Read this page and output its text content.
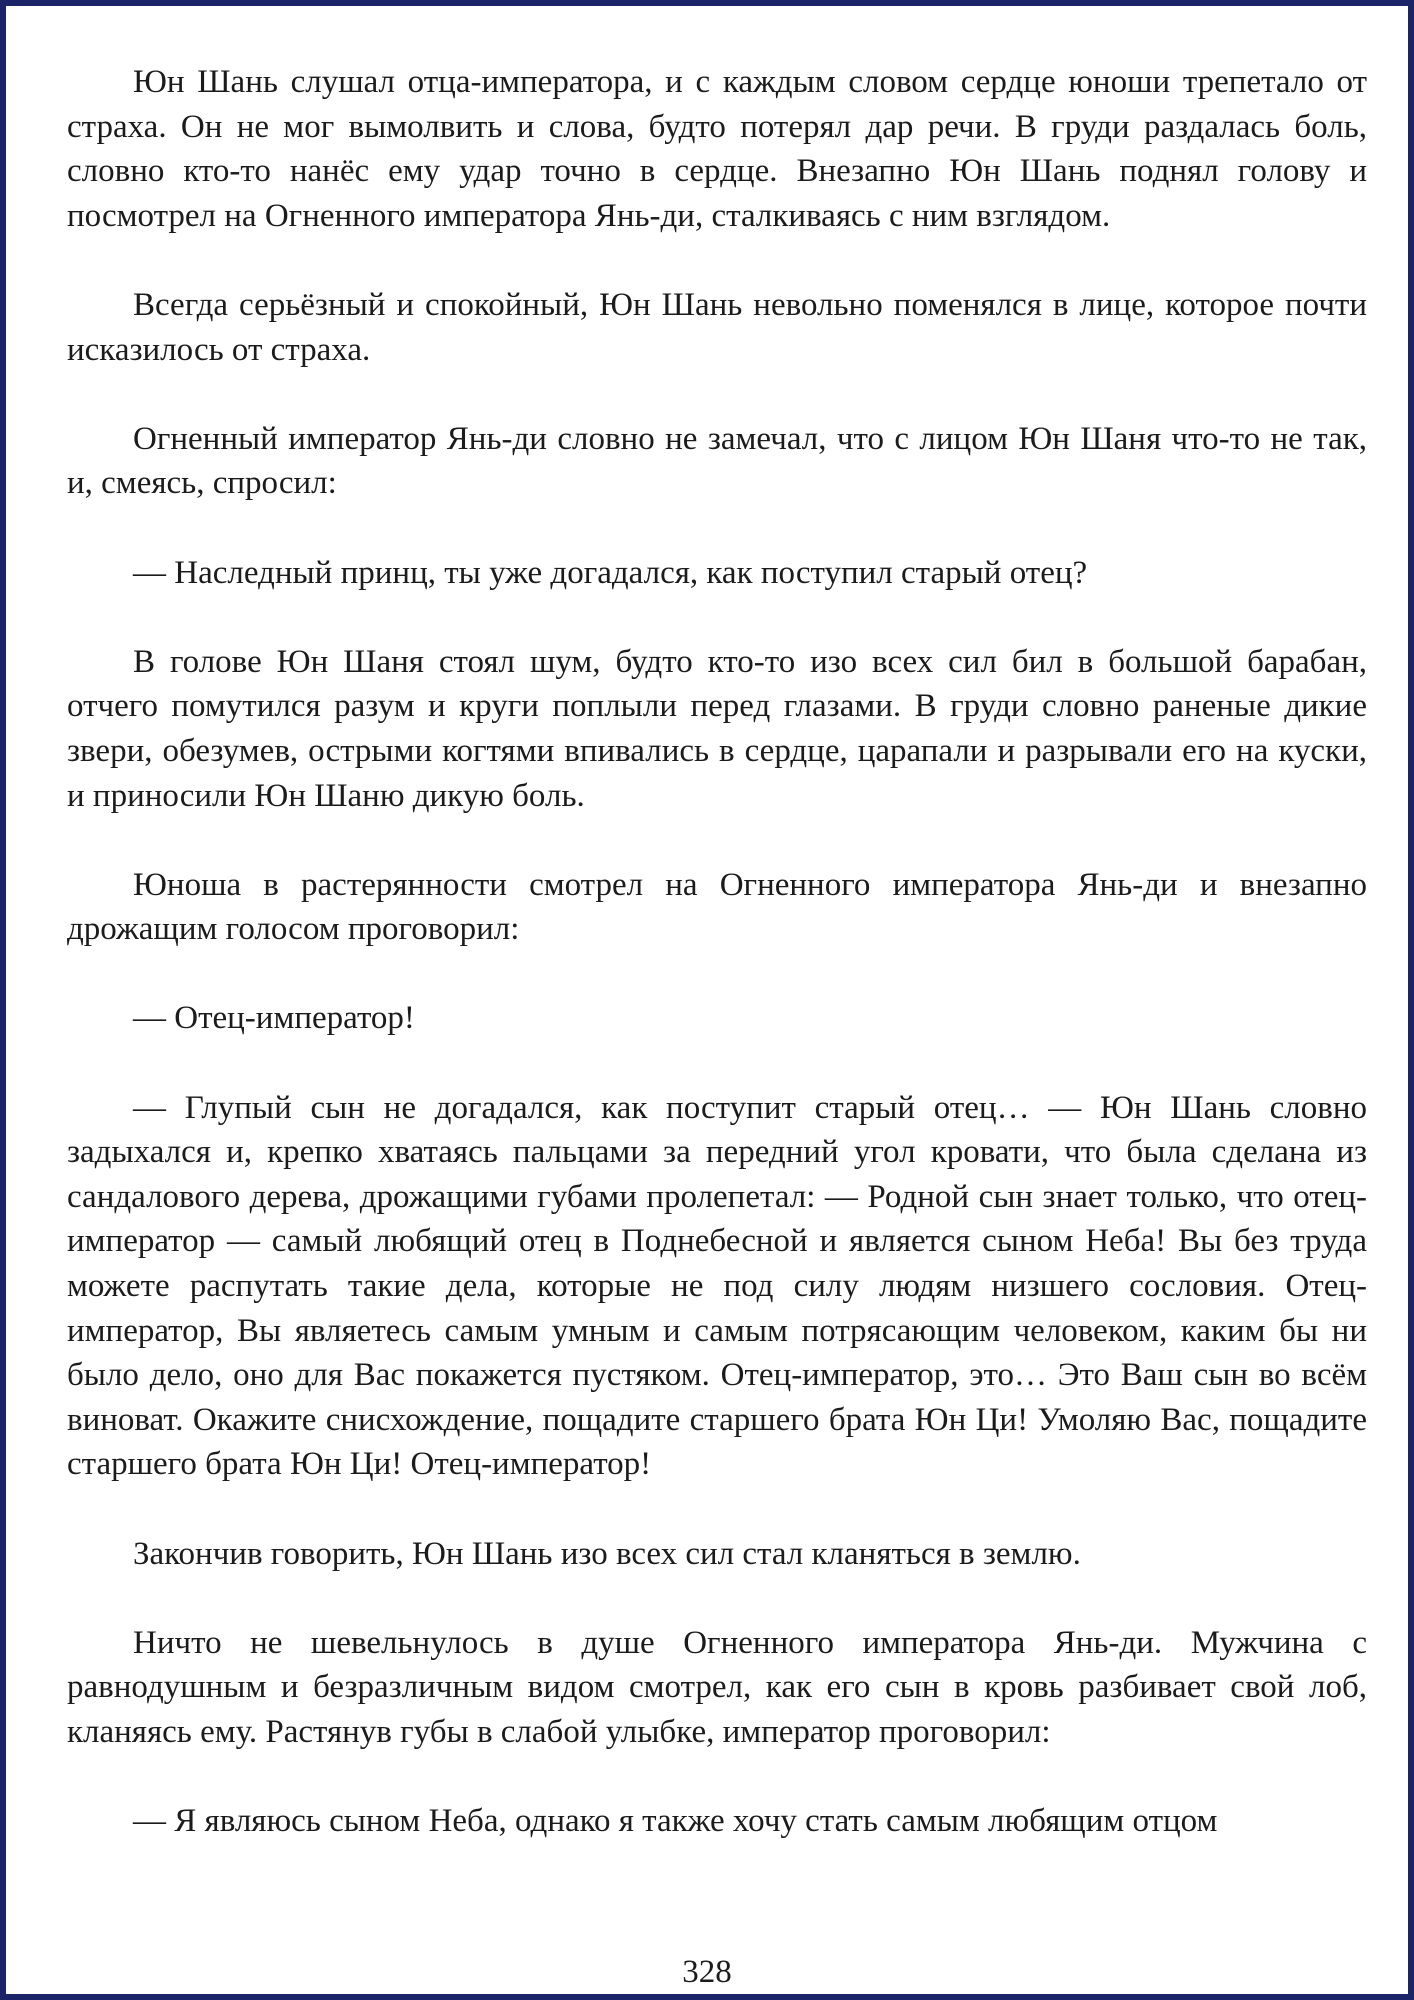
Юн Шань слушал отца-императора, и с каждым словом сердце юноши трепетало от страха. Он не мог вымолвить и слова, будто потерял дар речи. В груди раздалась боль, словно кто-то нанёс ему удар точно в сердце. Внезапно Юн Шань поднял голову и посмотрел на Огненного императора Янь-ди, сталкиваясь с ним взглядом.

Всегда серьёзный и спокойный, Юн Шань невольно поменялся в лице, которое почти исказилось от страха.

Огненный император Янь-ди словно не замечал, что с лицом Юн Шаня что-то не так, и, смеясь, спросил:

— Наследный принц, ты уже догадался, как поступил старый отец?

В голове Юн Шаня стоял шум, будто кто-то изо всех сил бил в большой барабан, отчего помутился разум и круги поплыли перед глазами. В груди словно раненые дикие звери, обезумев, острыми когтями впивались в сердце, царапали и разрывали его на куски, и приносили Юн Шаню дикую боль.

Юноша в растерянности смотрел на Огненного императора Янь-ди и внезапно дрожащим голосом проговорил:

— Отец-император!

— Глупый сын не догадался, как поступит старый отец… — Юн Шань словно задыхался и, крепко хватаясь пальцами за передний угол кровати, что была сделана из сандалового дерева, дрожащими губами пролепетал: — Родной сын знает только, что отец-император — самый любящий отец в Поднебесной и является сыном Неба! Вы без труда можете распутать такие дела, которые не под силу людям низшего сословия. Отец-император, Вы являетесь самым умным и самым потрясающим человеком, каким бы ни было дело, оно для Вас покажется пустяком. Отец-император, это… Это Ваш сын во всём виноват. Окажите снисхождение, пощадите старшего брата Юн Ци! Умоляю Вас, пощадите старшего брата Юн Ци! Отец-император!

Закончив говорить, Юн Шань изо всех сил стал кланяться в землю.

Ничто не шевельнулось в душе Огненного императора Янь-ди. Мужчина с равнодушным и безразличным видом смотрел, как его сын в кровь разбивает свой лоб, кланяясь ему. Растянув губы в слабой улыбке, император проговорил:

— Я являюсь сыном Неба, однако я также хочу стать самым любящим отцом

328
